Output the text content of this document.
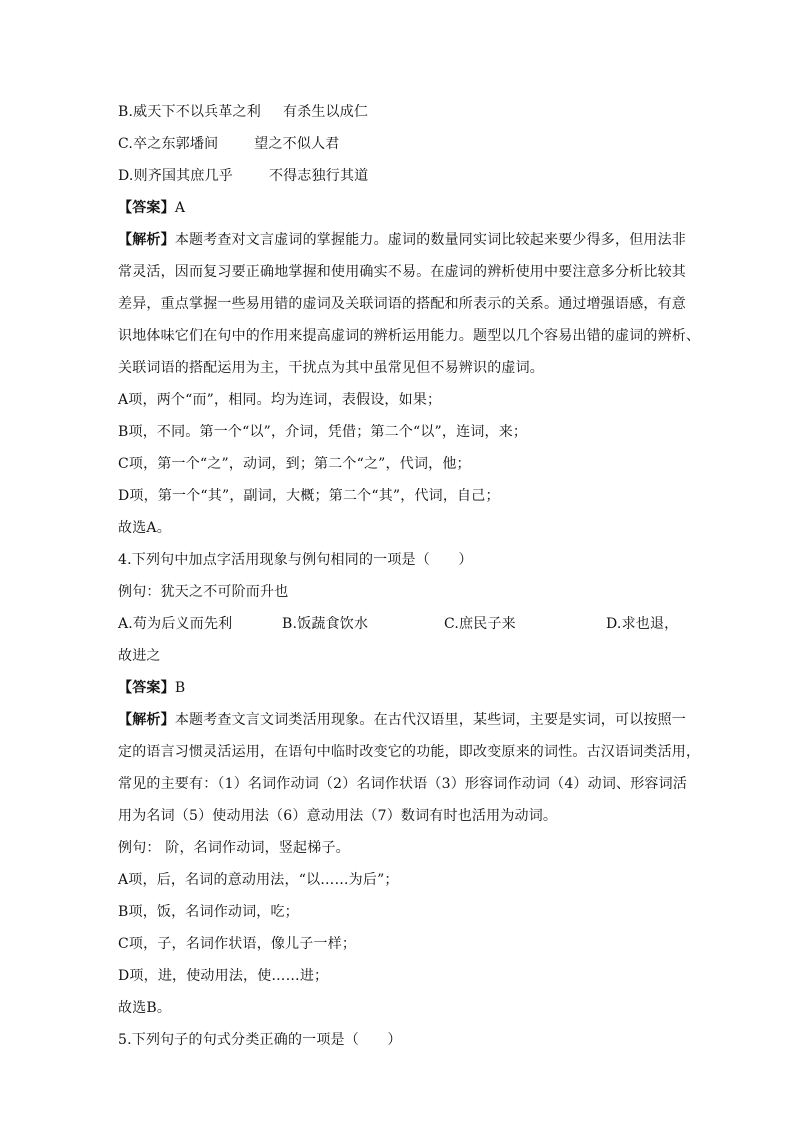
B.威天下不以兵革之利 有杀生以成仁
C.卒之东郭墦间	望之不似人君
D.则齐国其庶几乎	不得志独行其道
【答案】A
【解析】本题考查对文言虚词的掌握能力。虚词的数量同实词比较起来要少得多，但用法非
常灵活，因而复习要正确地掌握和使用确实不易。在虚词的辨析使用中要注意多分析比较其
差异，重点掌握一些易用错的虚词及关联词语的搭配和所表示的关系。通过增强语感，有意
识地体味它们在句中的作用来提高虚词的辨析运用能力。题型以几个容易出错的虚词的辨析、
关联词语的搭配运用为主，干扰点为其中虽常见但不易辨识的虚词。
A项，两个“而”，相同。均为连词，表假设，如果；
B项，不同。第一个“以”，介词，凭借；第二个“以”，连词，来；
C项，第一个“之”，动词，到；第二个“之”，代词，他；
D项，第一个“其”，副词，大概；第二个“其”，代词，自己；
故选A。
4.下列句中加点字活用现象与例句相同的一项是（　　）
例句：犹天之不可阶而升也
A.苟为后义而先利	B.饭蔬食饮水	C.庶民子来	D.求也退，
故进之
【答案】B
【解析】本题考查文言文词类活用现象。在古代汉语里，某些词，主要是实词，可以按照一
定的语言习惯灵活运用，在语句中临时改变它的功能，即改变原来的词性。古汉语词类活用，
常见的主要有：（1）名词作动词（2）名词作状语（3）形容词作动词（4）动词、形容词活
用为名词（5）使动用法（6）意动用法（7）数词有时也活用为动词。
例句： 阶，名词作动词，竖起梯子。
A项，后，名词的意动用法，“以……为后”；
B项，饭，名词作动词，吃；
C项，子，名词作状语，像儿子一样；
D项，进，使动用法，使……进；
故选B。
5.下列句子的句式分类正确的一项是（　　）
